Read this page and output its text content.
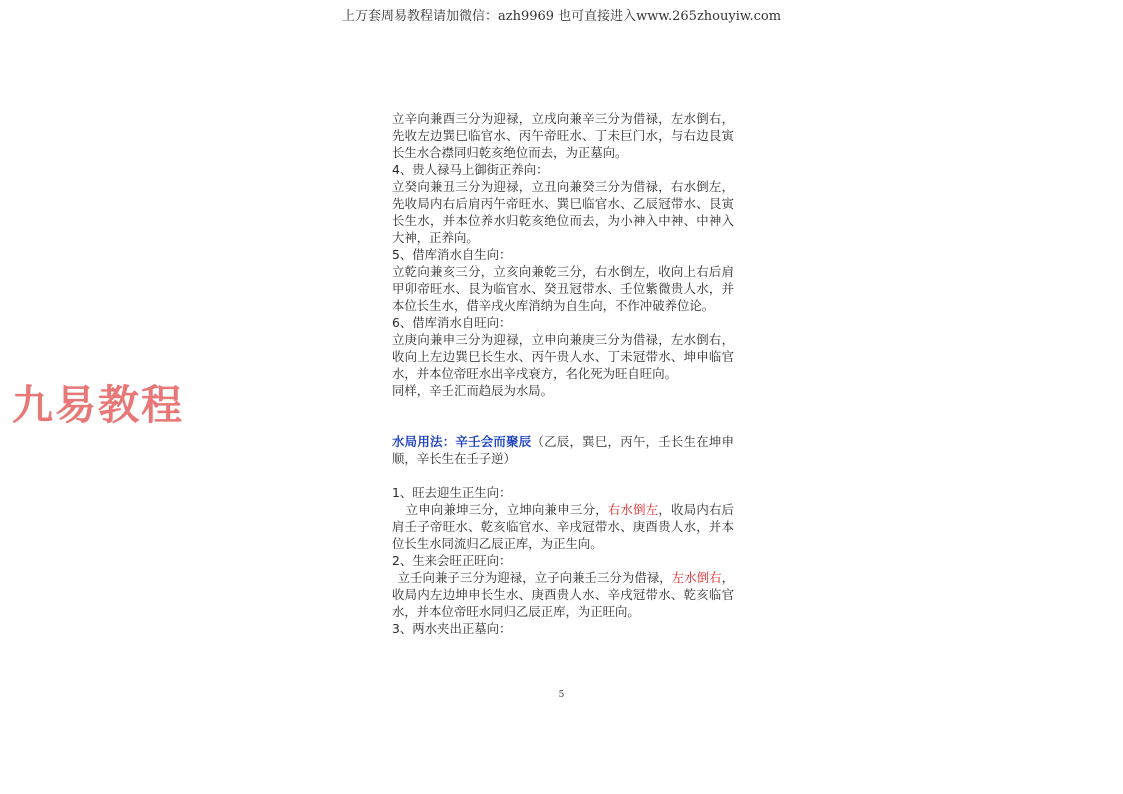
上万套周易教程请加微信：azh9969 也可直接进入www.265zhouyiw.com
九易教程

立辛向兼酉三分为迎禄，立戌向兼辛三分为借禄，左水倒右，先收左边巽巳临官水、丙午帝旺水、丁未巨门水，与右边艮寅长生水合襟同归乾亥绝位而去，为正墓向。

4、贵人禄马上御街正养向：

立癸向兼丑三分为迎禄，立丑向兼癸三分为借禄，右水倒左，先收局内右后肩丙午帝旺水、巽巳临官水、乙辰冠带水、艮寅长生水，并本位养水归乾亥绝位而去，为小神入中神、中神入大神，正养向。

5、借库消水自生向：

立乾向兼亥三分，立亥向兼乾三分，右水倒左，收向上右后肩甲卯帝旺水、艮为临官水、癸丑冠带水、壬位紫微贵人水，并本位长生水，借辛戌火库消纳为自生向，不作冲破养位论。

6、借库消水自旺向：

立庚向兼申三分为迎禄，立申向兼庚三分为借禄，左水倒右，收向上左边巽巳长生水、丙午贵人水、丁未冠带水、坤申临官水，并本位帝旺水出辛戌衰方，名化死为旺自旺向。

同样，辛壬汇而趋辰为水局。

水局用法：辛壬会而聚辰（乙辰，巽巳，丙午，壬长生在坤申顺，辛长生在壬子逆）

1、旺去迎生正生向：

立申向兼坤三分，立坤向兼申三分，右水倒左，收局内右后肩壬子帝旺水、乾亥临官水、辛戌冠带水、庚酉贵人水，并本位长生水同流归乙辰正库，为正生向。

2、生来会旺正旺向：

立壬向兼子三分为迎禄，立子向兼壬三分为借禄，左水倒右，收局内左边坤申长生水、庚酉贵人水、辛戌冠带水、乾亥临官水，并本位帝旺水同归乙辰正库，为正旺向。

3、两水夹出正墓向：

5
